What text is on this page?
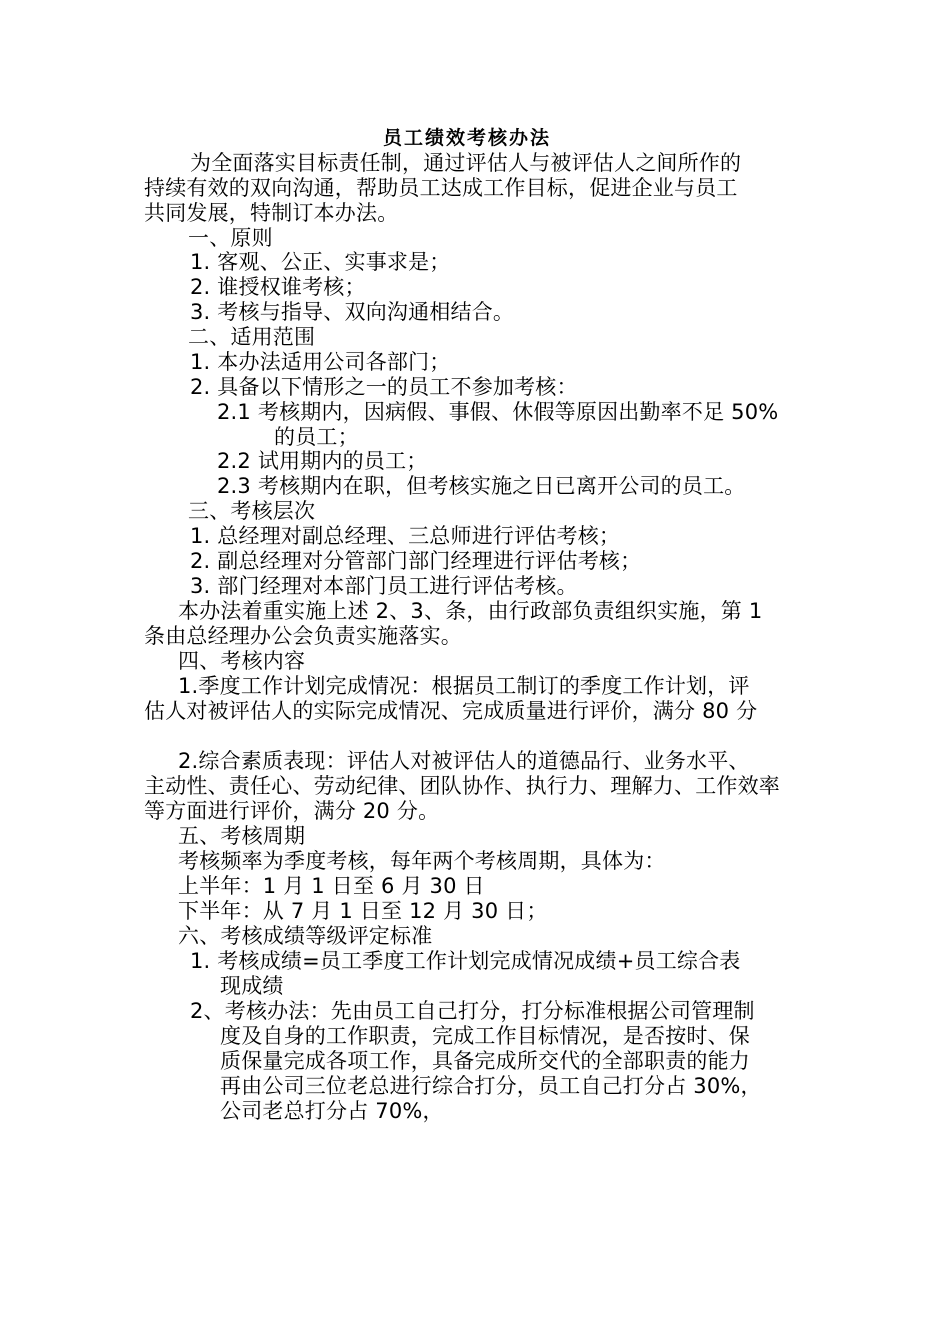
员工绩效考核办法
为全面落实目标责任制，通过评估人与被评估人之间所作的
持续有效的双向沟通，帮助员工达成工作目标，促进企业与员工
共同发展，特制订本办法。
一、原则
1. 客观、公正、实事求是；
2. 谁授权谁考核；
3. 考核与指导、双向沟通相结合。
二、适用范围
1. 本办法适用公司各部门；
2. 具备以下情形之一的员工不参加考核：
2.1 考核期内，因病假、事假、休假等原因出勤率不足 50%
的员工；
2.2 试用期内的员工；
2.3 考核期内在职，但考核实施之日已离开公司的员工。
三、考核层次
1. 总经理对副总经理、三总师进行评估考核；
2. 副总经理对分管部门部门经理进行评估考核；
3. 部门经理对本部门员工进行评估考核。
本办法着重实施上述 2、3、条，由行政部负责组织实施，第 1
条由总经理办公会负责实施落实。
四、考核内容
1.季度工作计划完成情况：根据员工制订的季度工作计划，评
估人对被评估人的实际完成情况、完成质量进行评价，满分 80 分
2.综合素质表现：评估人对被评估人的道德品行、业务水平、
主动性、责任心、劳动纪律、团队协作、执行力、理解力、工作效率
等方面进行评价，满分 20 分。
五、考核周期
考核频率为季度考核，每年两个考核周期，具体为：
上半年：1 月 1 日至 6 月 30 日
下半年：从 7 月 1 日至 12 月 30 日；
六、考核成绩等级评定标准
1. 考核成绩=员工季度工作计划完成情况成绩+员工综合表
现成绩
2、考核办法：先由员工自己打分，打分标准根据公司管理制
度及自身的工作职责，完成工作目标情况，是否按时、保
质保量完成各项工作，具备完成所交代的全部职责的能力
再由公司三位老总进行综合打分，员工自己打分占 30%，
公司老总打分占 70%，
